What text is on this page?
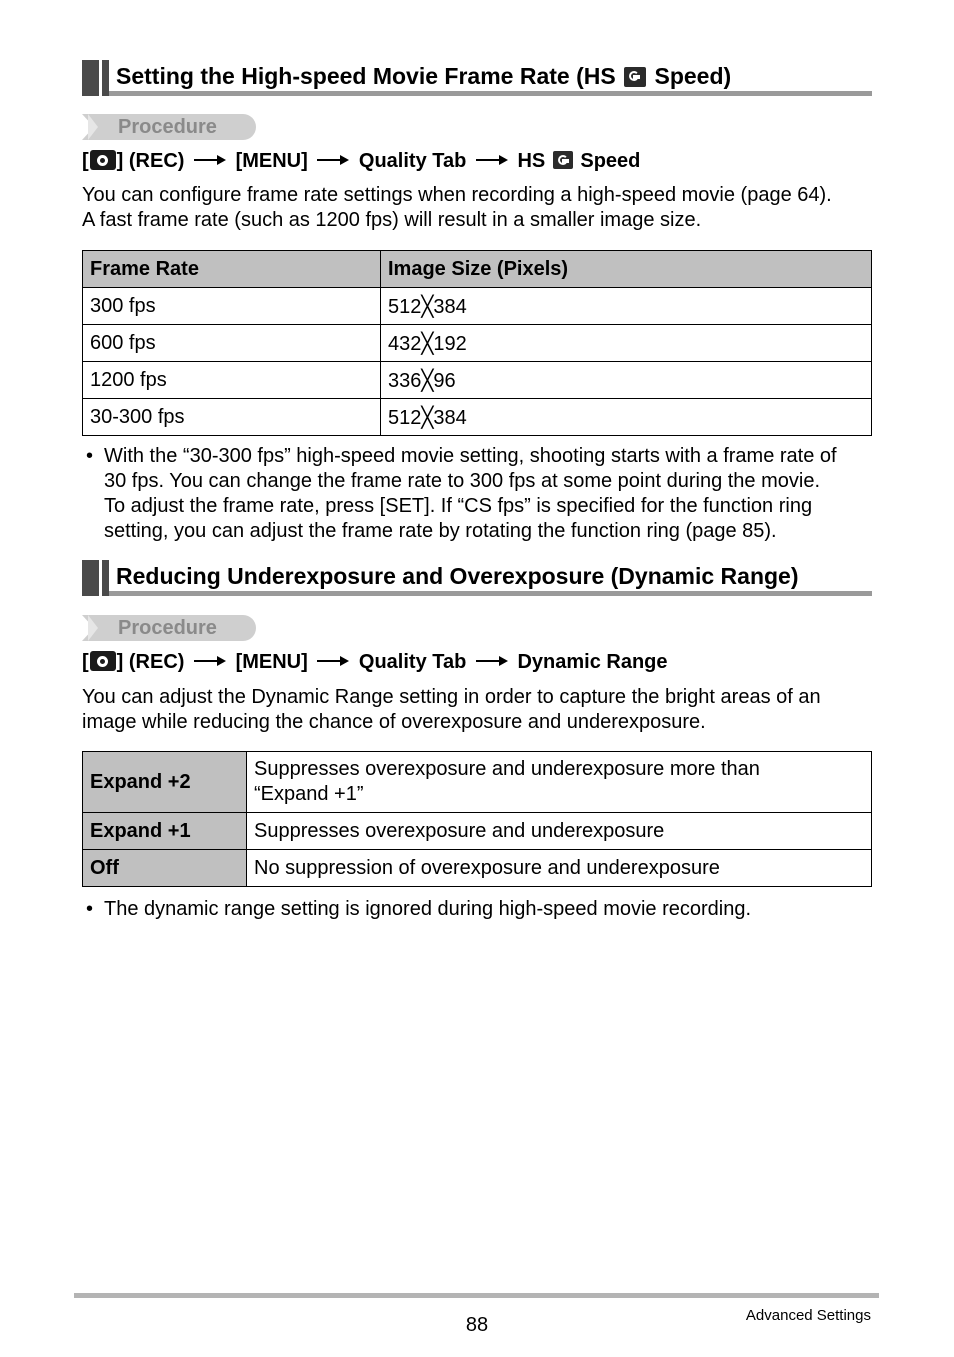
Setting the High-speed Movie Frame Rate (HS Speed)
Procedure
[ ] (REC)	[MENU]	Quality Tab	HS Speed
You can configure frame rate settings when recording a high-speed movie (page 64).
A fast frame rate (such as 1200 fps) will result in a smaller image size.
Frame Rate	Image Size (Pixels)
300 fps	512╳384
600 fps	432╳192
1200 fps	336╳96
30-300 fps	512╳384
• With the “30-300 fps” high-speed movie setting, shooting starts with a frame rate of
30 fps. You can change the frame rate to 300 fps at some point during the movie.
To adjust the frame rate, press [SET]. If “CS fps” is specified for the function ring
setting, you can adjust the frame rate by rotating the function ring (page 85).
Reducing Underexposure and Overexposure (Dynamic Range)
Procedure
[ ] (REC)	[MENU]	Quality Tab	Dynamic Range
You can adjust the Dynamic Range setting in order to capture the bright areas of an
image while reducing the chance of overexposure and underexposure.
Expand +2	Suppresses overexposure and underexposure more than
“Expand +1”

Expand +1	Suppresses overexposure and underexposure
Off	No suppression of overexposure and underexposure
• The dynamic range setting is ignored during high-speed movie recording.
88	Advanced Settings
